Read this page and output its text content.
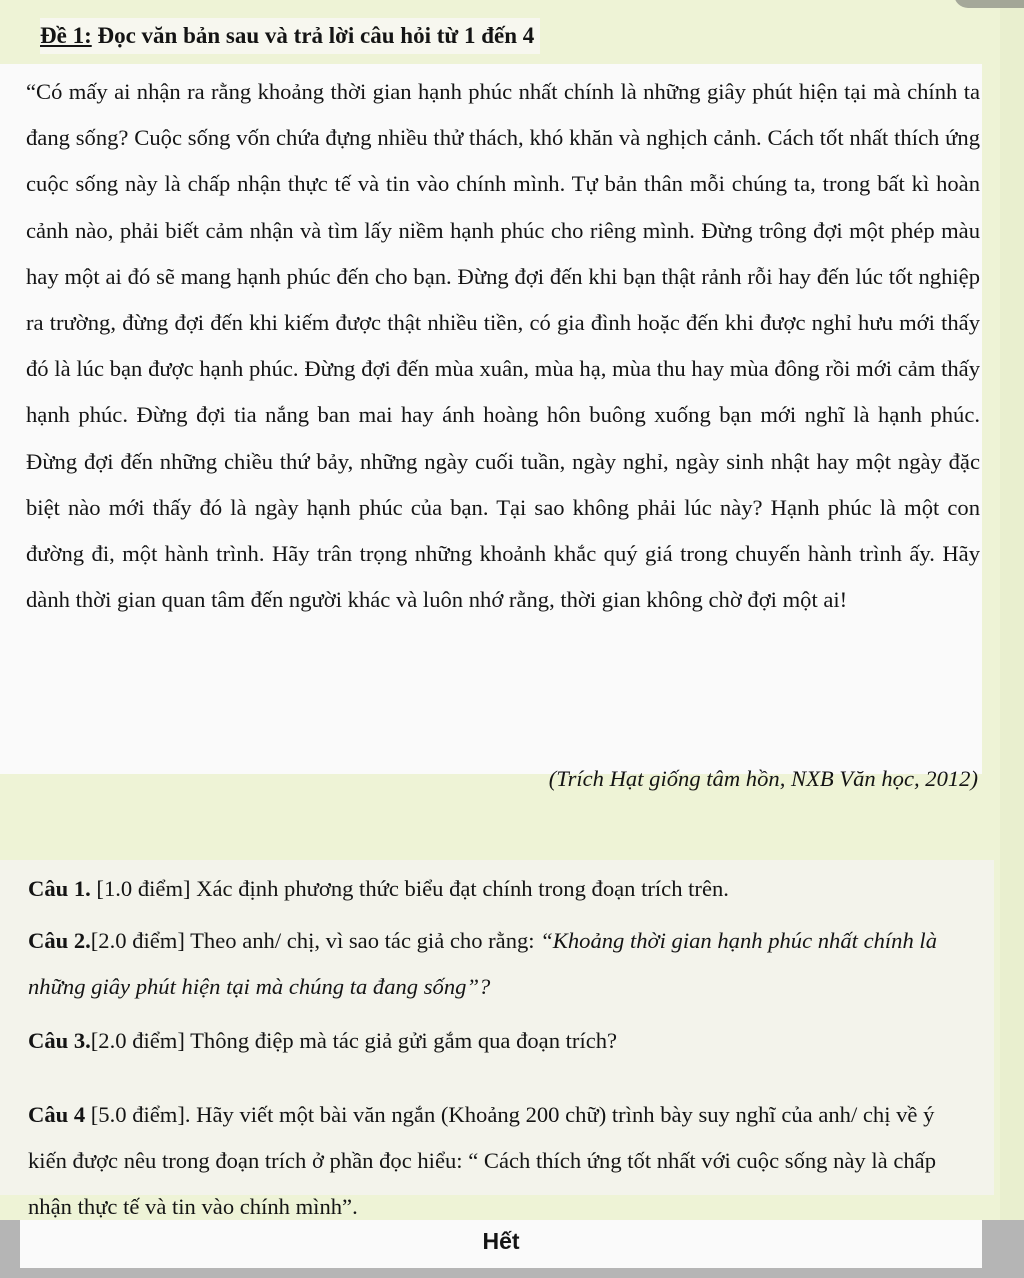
Đề 1: Đọc văn bản sau và trả lời câu hỏi từ 1 đến 4

“Có mấy ai nhận ra rằng khoảng thời gian hạnh phúc nhất chính là những giây phút hiện tại mà chính ta đang sống? Cuộc sống vốn chứa đựng nhiều thử thách, khó khăn và nghịch cảnh. Cách tốt nhất thích ứng cuộc sống này là chấp nhận thực tế và tin vào chính mình. Tự bản thân mỗi chúng ta, trong bất kì hoàn cảnh nào, phải biết cảm nhận và tìm lấy niềm hạnh phúc cho riêng mình. Đừng trông đợi một phép màu hay một ai đó sẽ mang hạnh phúc đến cho bạn. Đừng đợi đến khi bạn thật rảnh rỗi hay đến lúc tốt nghiệp ra trường, đừng đợi đến khi kiếm được thật nhiều tiền, có gia đình hoặc đến khi được nghỉ hưu mới thấy đó là lúc bạn được hạnh phúc. Đừng đợi đến mùa xuân, mùa hạ, mùa thu hay mùa đông rồi mới cảm thấy hạnh phúc. Đừng đợi tia nắng ban mai hay ánh hoàng hôn buông xuống bạn mới nghĩ là hạnh phúc. Đừng đợi đến những chiều thứ bảy, những ngày cuối tuần, ngày nghỉ, ngày sinh nhật hay một ngày đặc biệt nào mới thấy đó là ngày hạnh phúc của bạn. Tại sao không phải lúc này? Hạnh phúc là một con đường đi, một hành trình. Hãy trân trọng những khoảnh khắc quý giá trong chuyến hành trình ấy. Hãy dành thời gian quan tâm đến người khác và luôn nhớ rằng, thời gian không chờ đợi một ai!

(Trích Hạt giống tâm hồn, NXB Văn học, 2012)

Câu 1. [1.0 điểm] Xác định phương thức biểu đạt chính trong đoạn trích trên.

Câu 2.[2.0 điểm] Theo anh/ chị, vì sao tác giả cho rằng: “Khoảng thời gian hạnh phúc nhất chính là những giây phút hiện tại mà chúng ta đang sống”?

Câu 3.[2.0 điểm] Thông điệp mà tác giả gửi gắm qua đoạn trích?

Câu 4 [5.0 điểm]. Hãy viết một bài văn ngắn (Khoảng 200 chữ) trình bày suy nghĩ của anh/ chị về ý kiến được nêu trong đoạn trích ở phần đọc hiểu: “ Cách thích ứng tốt nhất với cuộc sống này là chấp nhận thực tế và tin vào chính mình”.

Hết
